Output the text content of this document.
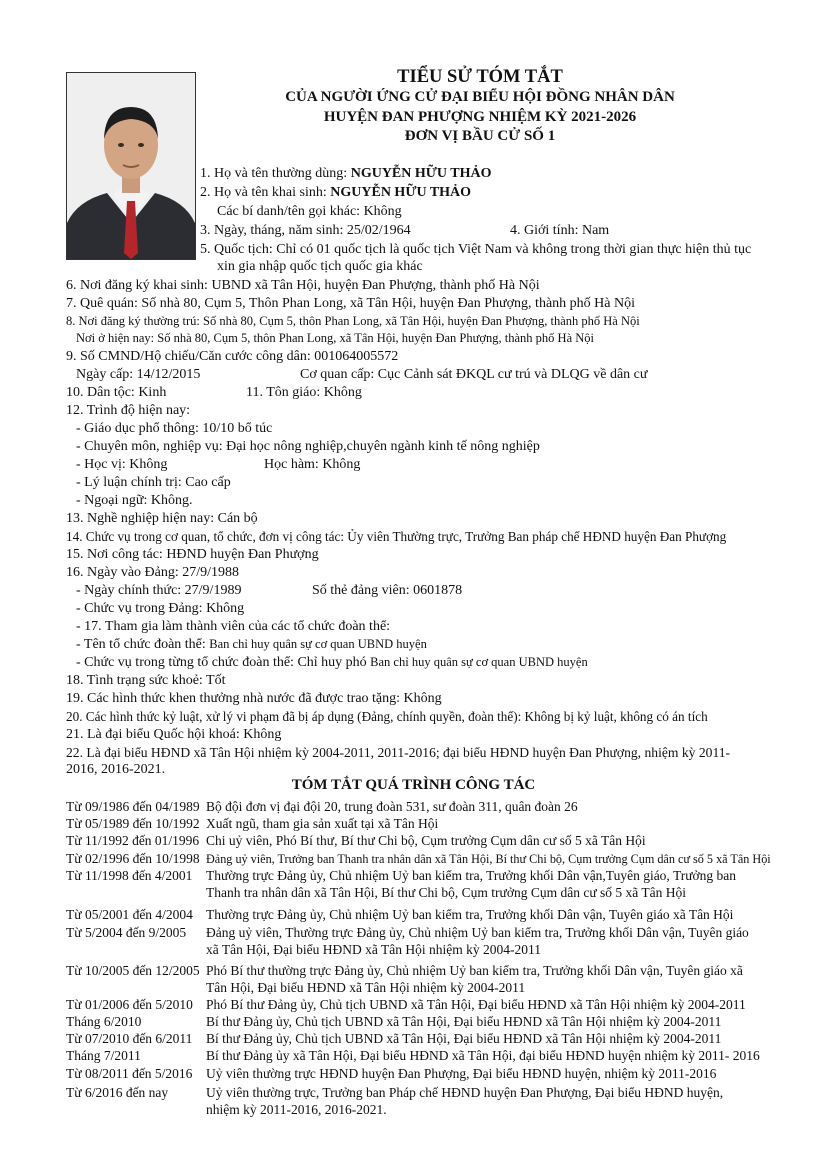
TIỂU SỬ TÓM TẮT
CỦA NGƯỜI ỨNG CỬ ĐẠI BIỂU HỘI ĐỒNG NHÂN DÂN
HUYỆN ĐAN PHƯỢNG NHIỆM KỲ 2021-2026
ĐƠN VỊ BẦU CỬ SỐ 1
1. Họ và tên thường dùng: NGUYỄN HỮU THẢO
2. Họ và tên khai sinh: NGUYỄN HỮU THẢO
Các bí danh/tên gọi khác: Không
3. Ngày, tháng, năm sinh: 25/02/1964	4. Giới tính: Nam
5. Quốc tịch: Chỉ có 01 quốc tịch là quốc tịch Việt Nam và không trong thời gian thực hiện thủ tục
xin gia nhập quốc tịch quốc gia khác
6. Nơi đăng ký khai sinh: UBND xã Tân Hội, huyện Đan Phượng, thành phố Hà Nội
7. Quê quán: Số nhà 80, Cụm 5, Thôn Phan Long, xã Tân Hội, huyện Đan Phượng, thành phố Hà Nội
8. Nơi đăng ký thường trú: Số nhà 80, Cụm 5, thôn Phan Long, xã Tân Hội, huyện Đan Phượng, thành phố Hà Nội
Nơi ở hiện nay: Số nhà 80, Cụm 5, thôn Phan Long, xã Tân Hội, huyện Đan Phượng, thành phố Hà Nội
9. Số CMND/Hộ chiếu/Căn cước công dân: 001064005572
Ngày cấp: 14/12/2015	Cơ quan cấp: Cục Cảnh sát ĐKQL cư trú và DLQG về dân cư
10. Dân tộc: Kinh	11. Tôn giáo: Không
12. Trình độ hiện nay:
- Giáo dục phổ thông: 10/10 bổ túc
- Chuyên môn, nghiệp vụ: Đại học nông nghiệp,chuyên ngành kinh tế nông nghiệp
- Học vị: Không	Học hàm: Không
- Lý luận chính trị: Cao cấp
- Ngoại ngữ: Không.
13. Nghề nghiệp hiện nay: Cán bộ
14. Chức vụ trong cơ quan, tổ chức, đơn vị công tác: Ủy viên Thường trực, Trưởng Ban pháp chế HĐND huyện Đan Phượng
15. Nơi công tác: HĐND huyện Đan Phượng
16. Ngày vào Đảng: 27/9/1988
- Ngày chính thức: 27/9/1989	Số thẻ đảng viên: 0601878
- Chức vụ trong Đảng: Không
- 17. Tham gia làm thành viên của các tổ chức đoàn thể:
- Tên tổ chức đoàn thể: Ban chỉ huy quân sự cơ quan UBND huyện
- Chức vụ trong từng tổ chức đoàn thể: Chỉ huy phó Ban chỉ huy quân sự cơ quan UBND huyện
18. Tình trạng sức khoẻ: Tốt
19. Các hình thức khen thưởng nhà nước đã được trao tặng: Không
20. Các hình thức kỷ luật, xử lý vi phạm đã bị áp dụng (Đảng, chính quyền, đoàn thể): Không bị kỷ luật, không có án tích
21. Là đại biểu Quốc hội khoá: Không
22. Là đại biểu HĐND xã Tân Hội nhiệm kỳ 2004-2011, 2011-2016; đại biểu HĐND huyện Đan Phượng, nhiệm kỳ 2011-
2016, 2016-2021.
TÓM TẮT QUÁ TRÌNH CÔNG TÁC
Từ 09/1986 đến 04/1989 Bộ đội đơn vị đại đội 20, trung đoàn 531, sư đoàn 311, quân đoàn 26
Từ 05/1989 đến 10/1992 Xuất ngũ, tham gia sản xuất tại xã Tân Hội
Từ 11/1992 đến 01/1996 Chi uỷ viên, Phó Bí thư, Bí thư Chi bộ, Cụm trưởng Cụm dân cư số 5 xã Tân Hội
Từ 02/1996 đến 10/1998 Đảng uỷ viên, Trưởng ban Thanh tra nhân dân xã Tân Hội, Bí thư Chi bộ, Cụm trưởng Cụm dân cư số 5 xã Tân Hội
Từ 11/1998 đến 4/2001 Thường trực Đảng ủy, Chủ nhiệm Uỷ ban kiểm tra, Trưởng khối Dân vận,Tuyên giáo, Trưởng ban
Thanh tra nhân dân xã Tân Hội, Bí thư Chi bộ, Cụm trưởng Cụm dân cư số 5 xã Tân Hội
Từ 05/2001 đến 4/2004 Thường trực Đảng ủy, Chủ nhiệm Uỷ ban kiểm tra, Trưởng khối Dân vận, Tuyên giáo xã Tân Hội
Từ 5/2004 đến 9/2005 Đảng uỷ viên, Thường trực Đảng ủy, Chủ nhiệm Uỷ ban kiểm tra, Trưởng khối Dân vận, Tuyên giáo
xã Tân Hội, Đại biểu HĐND xã Tân Hội nhiệm kỳ 2004-2011
Từ 10/2005 đến 12/2005 Phó Bí thư thường trực Đảng ủy, Chủ nhiệm Uỷ ban kiểm tra, Trưởng khối Dân vận, Tuyên giáo xã
Tân Hội, Đại biểu HĐND xã Tân Hội nhiệm kỳ 2004-2011
Từ 01/2006 đến 5/2010 Phó Bí thư Đảng ủy, Chủ tịch UBND xã Tân Hội, Đại biểu HĐND xã Tân Hội nhiệm kỳ 2004-2011
Tháng 6/2010	Bí thư Đảng ủy, Chủ tịch UBND xã Tân Hội, Đại biểu HĐND xã Tân Hội nhiệm kỳ 2004-2011
Từ 07/2010 đến 6/2011 Bí thư Đảng ủy, Chủ tịch UBND xã Tân Hội, Đại biểu HĐND xã Tân Hội nhiệm kỳ 2004-2011
Tháng 7/2011	Bí thư Đảng ủy xã Tân Hội, Đại biểu HĐND xã Tân Hội, đại biểu HĐND huyện nhiệm kỳ 2011- 2016
Từ 08/2011 đến 5/2016 Uỷ viên thường trực HĐND huyện Đan Phượng, Đại biểu HĐND huyện, nhiệm kỳ 2011-2016
Từ 6/2016 đến nay	Uỷ viên thường trực, Trưởng ban Pháp chế HĐND huyện Đan Phượng, Đại biểu HĐND huyện,
nhiệm kỳ 2011-2016, 2016-2021.
